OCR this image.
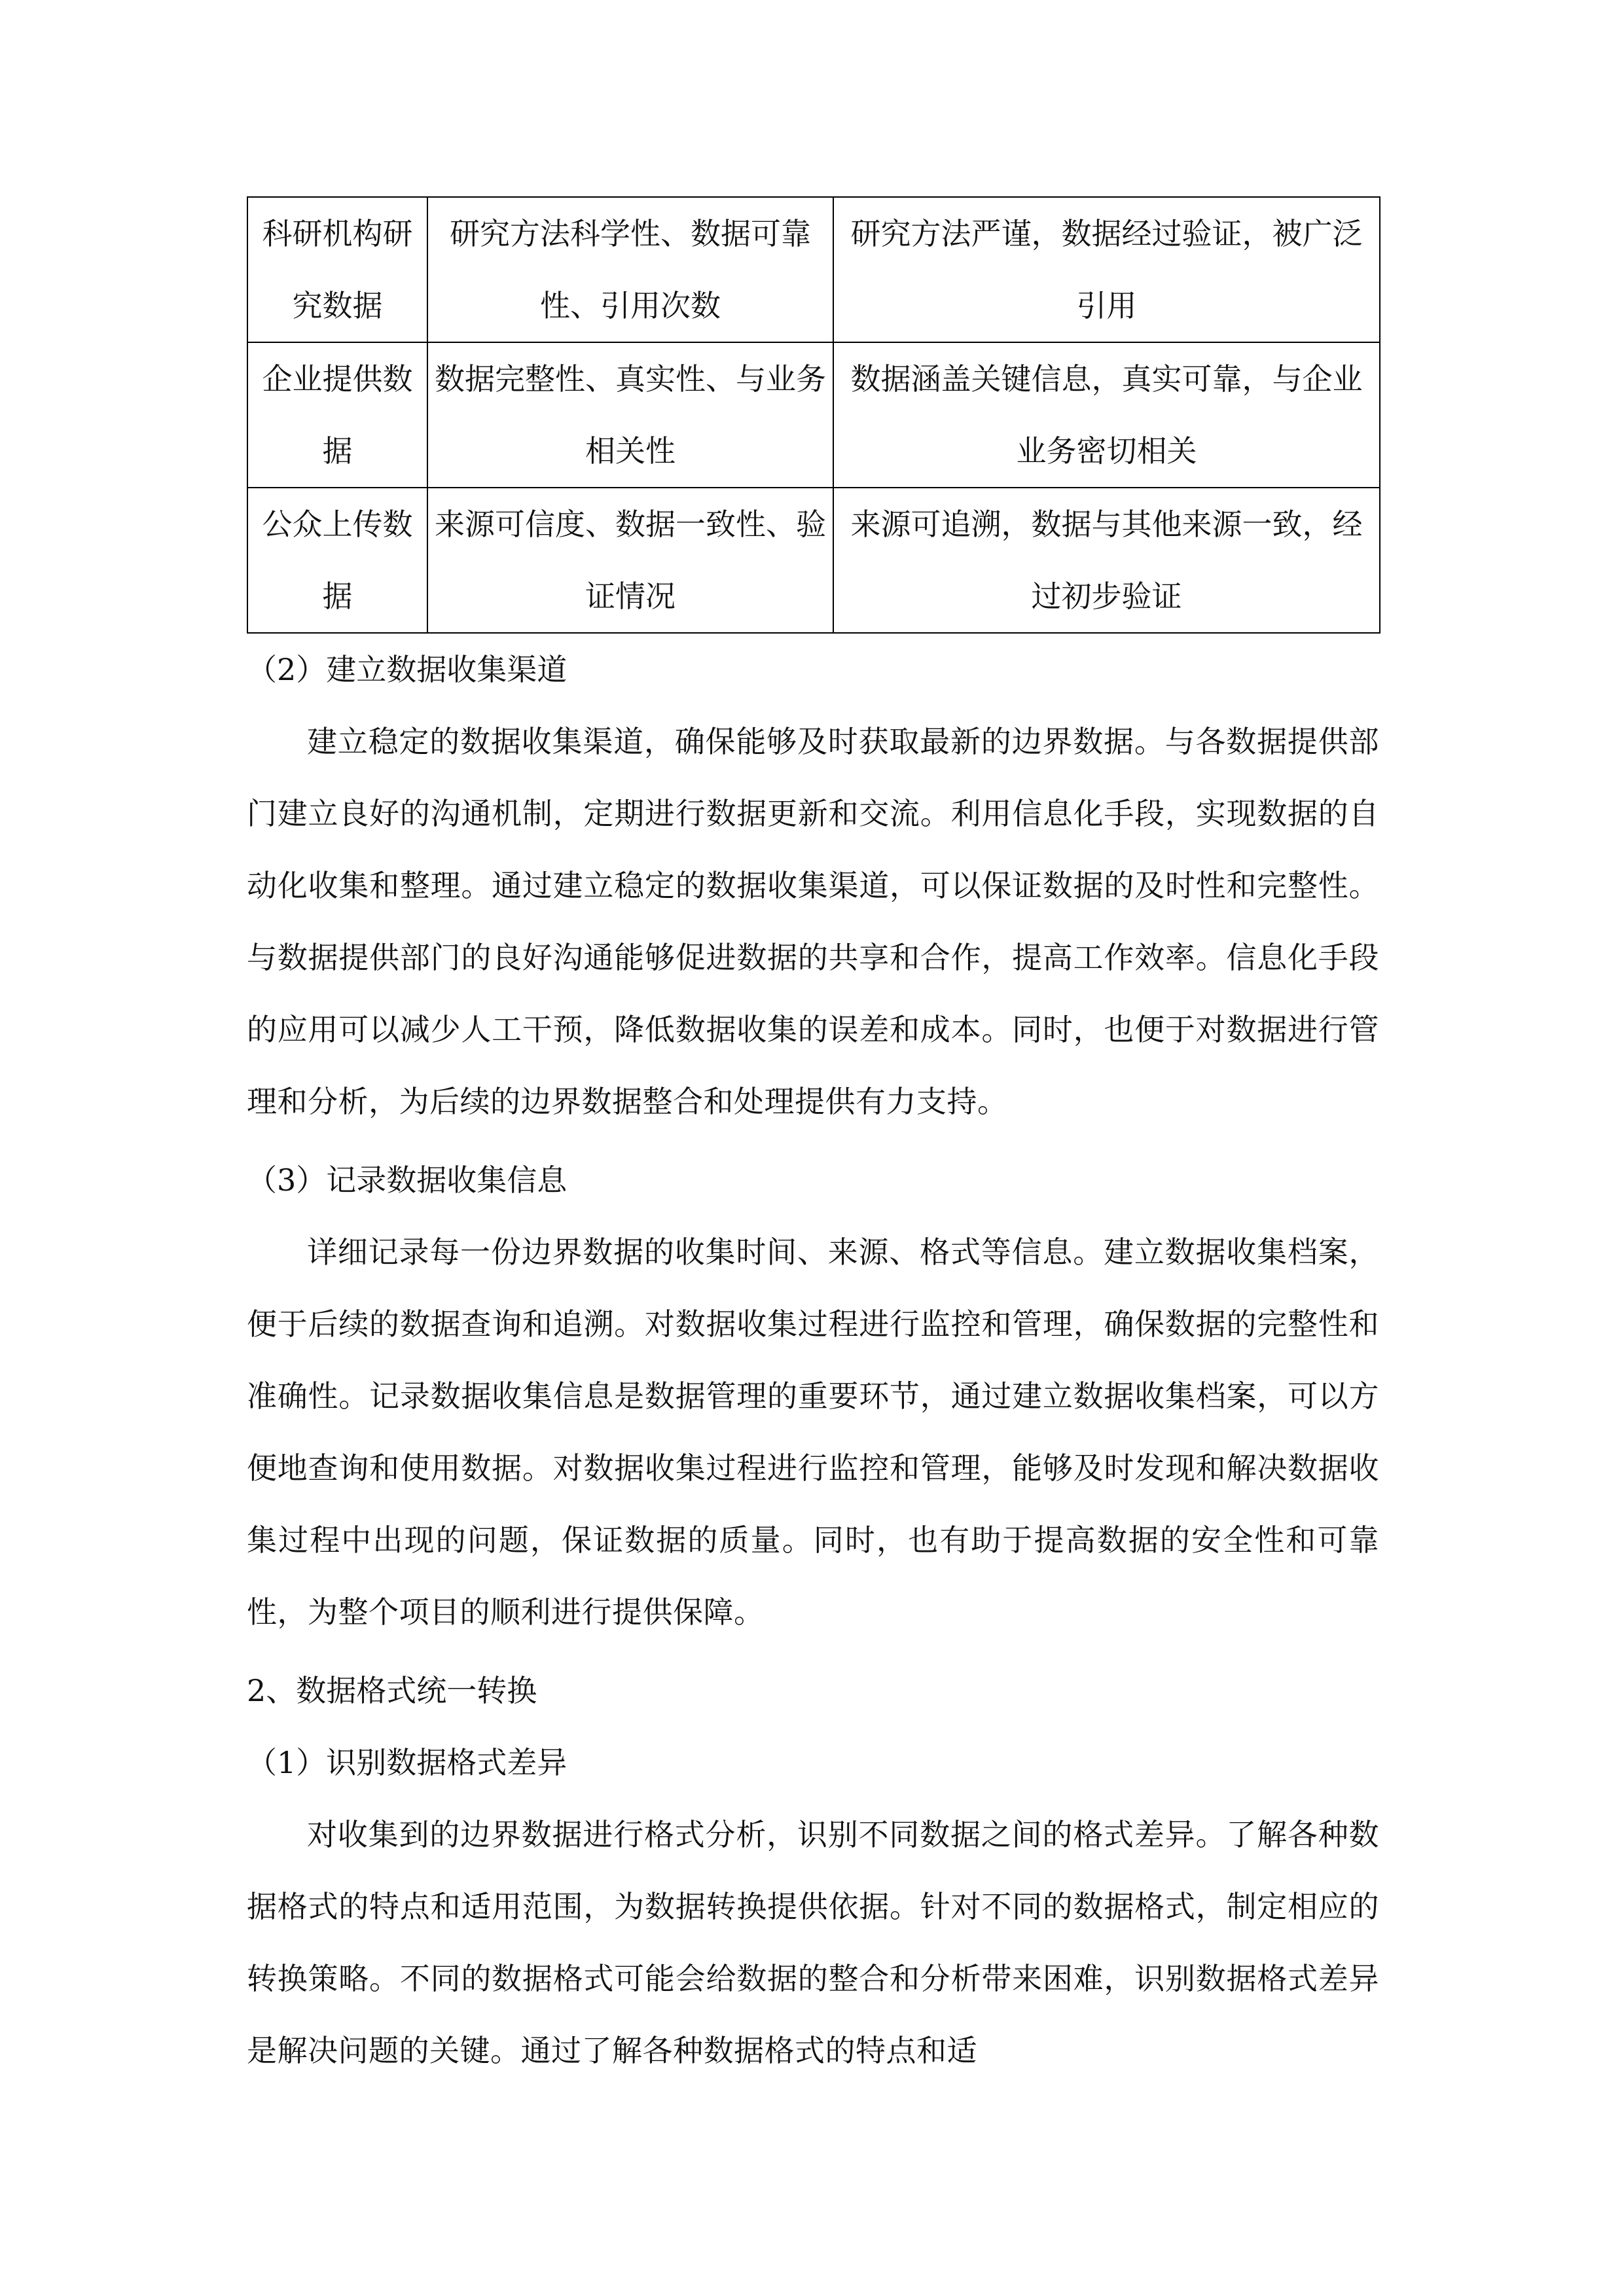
科研机构研究数据	研究方法科学性、数据可靠性、引用次数	研究方法严谨，数据经过验证，被广泛引用
企业提供数据	数据完整性、真实性、与业务相关性	数据涵盖关键信息，真实可靠，与企业业务密切相关
公众上传数据	来源可信度、数据一致性、验证情况	来源可追溯，数据与其他来源一致，经过初步验证

（2）建立数据收集渠道

建立稳定的数据收集渠道，确保能够及时获取最新的边界数据。与各数据提供部门建立良好的沟通机制，定期进行数据更新和交流。利用信息化手段，实现数据的自动化收集和整理。通过建立稳定的数据收集渠道，可以保证数据的及时性和完整性。与数据提供部门的良好沟通能够促进数据的共享和合作，提高工作效率。信息化手段的应用可以减少人工干预，降低数据收集的误差和成本。同时，也便于对数据进行管理和分析，为后续的边界数据整合和处理提供有力支持。

（3）记录数据收集信息

详细记录每一份边界数据的收集时间、来源、格式等信息。建立数据收集档案，便于后续的数据查询和追溯。对数据收集过程进行监控和管理，确保数据的完整性和准确性。记录数据收集信息是数据管理的重要环节，通过建立数据收集档案，可以方便地查询和使用数据。对数据收集过程进行监控和管理，能够及时发现和解决数据收集过程中出现的问题，保证数据的质量。同时，也有助于提高数据的安全性和可靠性，为整个项目的顺利进行提供保障。

2、数据格式统一转换

（1）识别数据格式差异

对收集到的边界数据进行格式分析，识别不同数据之间的格式差异。了解各种数据格式的特点和适用范围，为数据转换提供依据。针对不同的数据格式，制定相应的转换策略。不同的数据格式可能会给数据的整合和分析带来困难，识别数据格式差异是解决问题的关键。通过了解各种数据格式的特点和适
